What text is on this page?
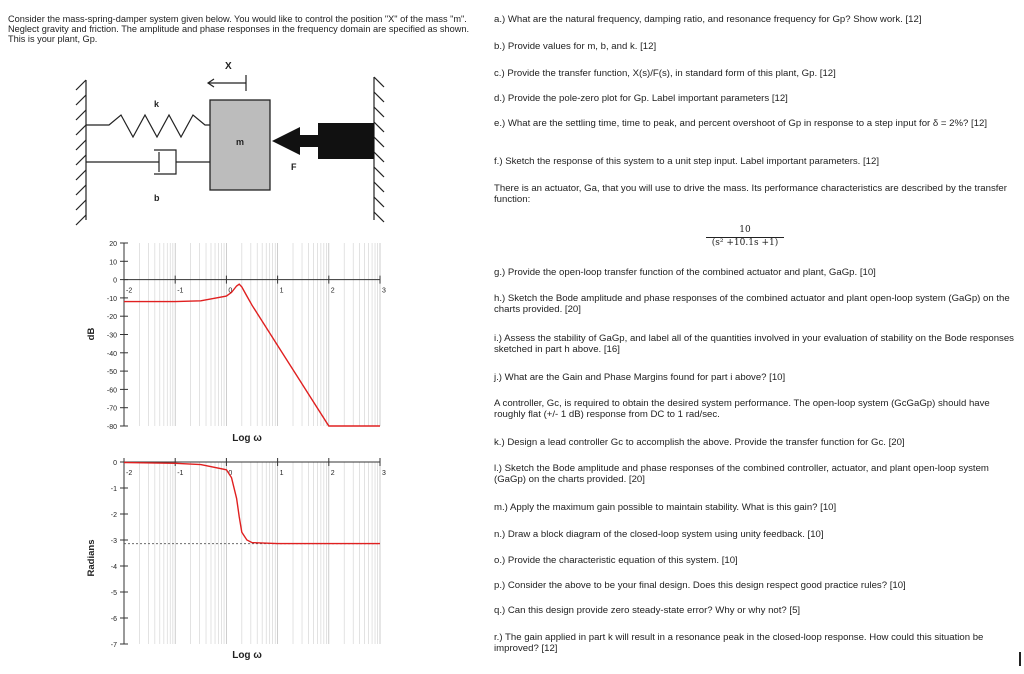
Consider the mass-spring-damper system given below. You would like to control the position "X" of the mass "m". Neglect gravity and friction. The amplitude and phase responses in the frequency domain are specified as shown. This is your plant, Gp.
X
k
b
m
F
20
10
0
-10
-20
-30
-40
-50
-60
-70
-80
-2	-1	0	1	2	3
Log ω
dB
0
-1
-2
-3
-4
-5
-6
-7
-2	-1	0	1	2	3
Log ω
Radians
a.) What are the natural frequency, damping ratio, and resonance frequency for Gp? Show work. [12]
b.) Provide values for m, b, and k. [12]
c.) Provide the transfer function, X(s)/F(s), in standard form of this plant, Gp. [12]
d.) Provide the pole-zero plot for Gp. Label important parameters [12]
e.) What are the settling time, time to peak, and percent overshoot of Gp in response to a step input for δ = 2%? [12]
f.) Sketch the response of this system to a unit step input. Label important parameters. [12]
There is an actuator, Ga, that you will use to drive the mass. Its performance characteristics are described by the transfer function:
g.) Provide the open-loop transfer function of the combined actuator and plant, GaGp. [10]
h.) Sketch the Bode amplitude and phase responses of the combined actuator and plant open-loop system (GaGp) on the charts provided. [20]
i.) Assess the stability of GaGp, and label all of the quantities involved in your evaluation of stability on the Bode responses sketched in part h above. [16]
j.) What are the Gain and Phase Margins found for part i above? [10]
A controller, Gc, is required to obtain the desired system performance. The open-loop system (GcGaGp) should have roughly flat (+/- 1 dB) response from DC to 1 rad/sec.
k.) Design a lead controller Gc to accomplish the above. Provide the transfer function for Gc. [20]
l.) Sketch the Bode amplitude and phase responses of the combined controller, actuator, and plant open-loop system (GaGp) on the charts provided. [20]
m.) Apply the maximum gain possible to maintain stability. What is this gain? [10]
n.) Draw a block diagram of the closed-loop system using unity feedback. [10]
o.) Provide the characteristic equation of this system. [10]
p.) Consider the above to be your final design. Does this design respect good practice rules? [10]
q.) Can this design provide zero steady-state error? Why or why not? [5]
r.) The gain applied in part k will result in a resonance peak in the closed-loop response. How could this situation be improved? [12]
$\frac{10}{\text{(s² +10.1s +1)}}$
